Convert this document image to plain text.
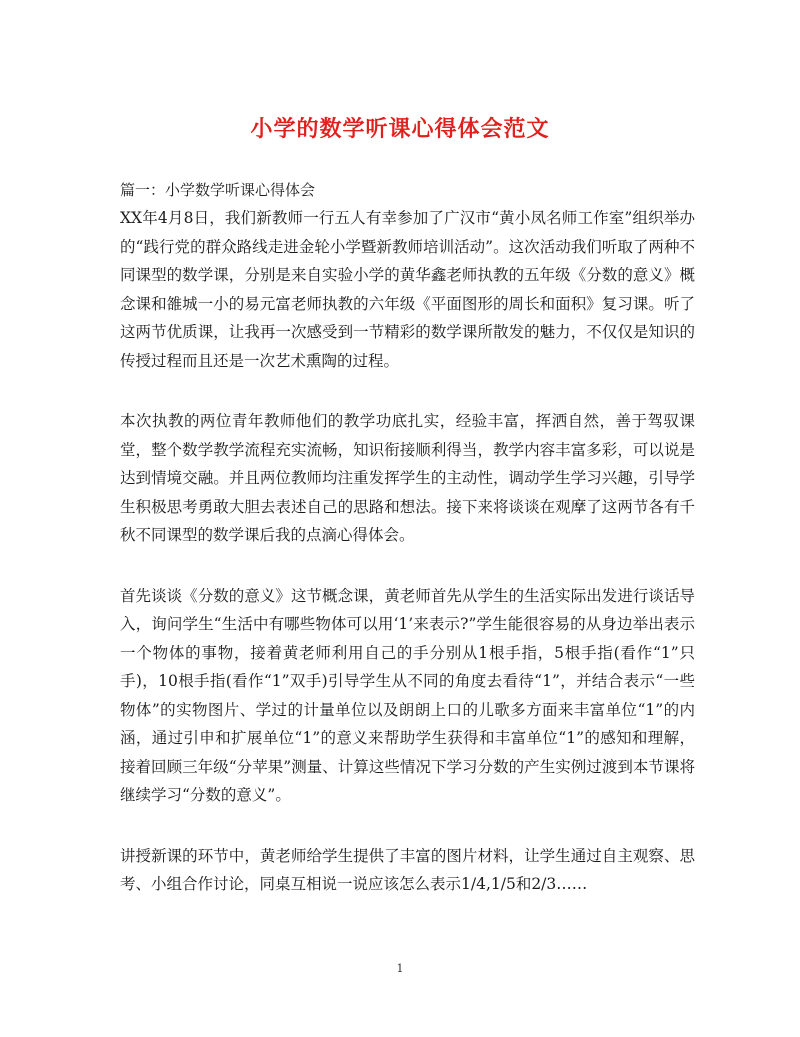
小学的数学听课心得体会范文

篇一：小学数学听课心得体会

XX年4月8日，我们新教师一行五人有幸参加了广汉市“黄小凤名师工作室”组织举办的“践行党的群众路线走进金轮小学暨新教师培训活动”。这次活动我们听取了两种不同课型的数学课，分别是来自实验小学的黄华鑫老师执教的五年级《分数的意义》概念课和雒城一小的易元富老师执教的六年级《平面图形的周长和面积》复习课。听了这两节优质课，让我再一次感受到一节精彩的数学课所散发的魅力，不仅仅是知识的传授过程而且还是一次艺术熏陶的过程。

本次执教的两位青年教师他们的教学功底扎实，经验丰富，挥洒自然，善于驾驭课堂，整个数学教学流程充实流畅，知识衔接顺利得当，教学内容丰富多彩，可以说是达到情境交融。并且两位教师均注重发挥学生的主动性，调动学生学习兴趣，引导学生积极思考勇敢大胆去表述自己的思路和想法。接下来将谈谈在观摩了这两节各有千秋不同课型的数学课后我的点滴心得体会。

首先谈谈《分数的意义》这节概念课，黄老师首先从学生的生活实际出发进行谈话导入，询问学生“生活中有哪些物体可以用‘1’来表示?”学生能很容易的从身边举出表示一个物体的事物，接着黄老师利用自己的手分别从1根手指，5根手指(看作“1”只手)，10根手指(看作“1”双手)引导学生从不同的角度去看待“1”，并结合表示“一些物体”的实物图片、学过的计量单位以及朗朗上口的儿歌多方面来丰富单位“1”的内涵，通过引申和扩展单位“1”的意义来帮助学生获得和丰富单位“1”的感知和理解，接着回顾三年级“分苹果”测量、计算这些情况下学习分数的产生实例过渡到本节课将继续学习“分数的意义”。

讲授新课的环节中，黄老师给学生提供了丰富的图片材料，让学生通过自主观察、思考、小组合作讨论，同桌互相说一说应该怎么表示1/4,1/5和2/3……

1
